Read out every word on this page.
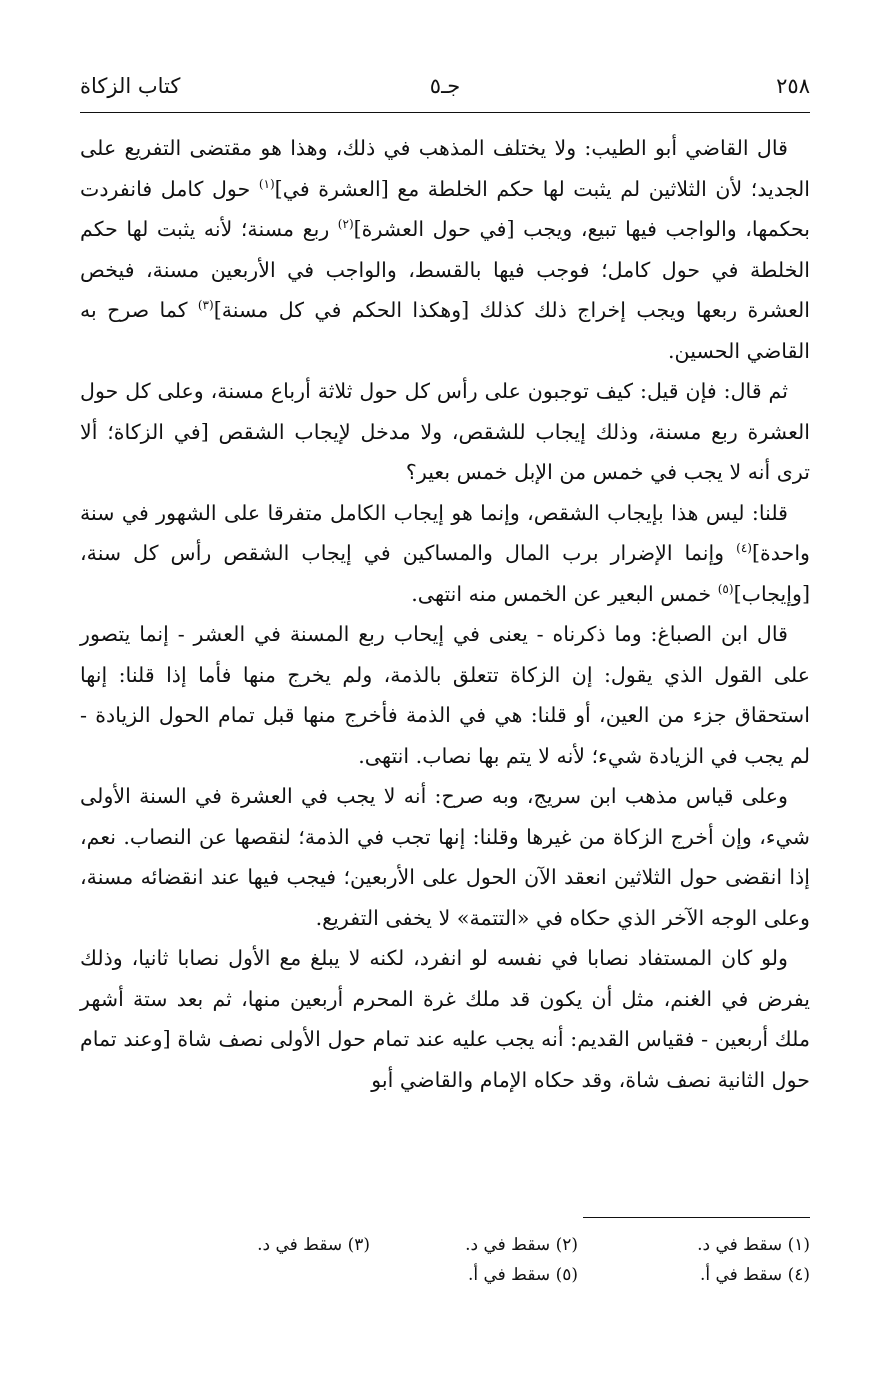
٢٥٨
جـ٥
كتاب الزكاة

قال القاضي أبو الطيب: ولا يختلف المذهب في ذلك، وهذا هو مقتضى التفريع على الجديد؛ لأن الثلاثين لم يثبت لها حكم الخلطة مع [العشرة في]$^{(١)}$ حول كامل فانفردت بحكمها، والواجب فيها تبيع، ويجب [في حول العشرة]$^{(٢)}$ ربع مسنة؛ لأنه يثبت لها حكم الخلطة في حول كامل؛ فوجب فيها بالقسط، والواجب في الأربعين مسنة، فيخص العشرة ربعها ويجب إخراج ذلك كذلك [وهكذا الحكم في كل مسنة]$^{(٣)}$ كما صرح به القاضي الحسين.

ثم قال: فإن قيل: كيف توجبون على رأس كل حول ثلاثة أرباع مسنة، وعلى كل حول العشرة ربع مسنة، وذلك إيجاب للشقص، ولا مدخل لإيجاب الشقص [في الزكاة؛ ألا ترى أنه لا يجب في خمس من الإبل خمس بعير؟

قلنا: ليس هذا بإيجاب الشقص، وإنما هو إيجاب الكامل متفرقا على الشهور في سنة واحدة]$^{(٤)}$ وإنما الإضرار برب المال والمساكين في إيجاب الشقص رأس كل سنة، [وإيجاب]$^{(٥)}$ خمس البعير عن الخمس منه انتهى.

قال ابن الصباغ: وما ذكرناه - يعنى في إيحاب ربع المسنة في العشر - إنما يتصور على القول الذي يقول: إن الزكاة تتعلق بالذمة، ولم يخرج منها فأما إذا قلنا: إنها استحقاق جزء من العين، أو قلنا: هي في الذمة فأخرج منها قبل تمام الحول الزيادة - لم يجب في الزيادة شيء؛ لأنه لا يتم بها نصاب. انتهى.

وعلى قياس مذهب ابن سريج، وبه صرح: أنه لا يجب في العشرة في السنة الأولى شيء، وإن أخرج الزكاة من غيرها وقلنا: إنها تجب في الذمة؛ لنقصها عن النصاب. نعم، إذا انقضى حول الثلاثين انعقد الآن الحول على الأربعين؛ فيجب فيها عند انقضائه مسنة، وعلى الوجه الآخر الذي حكاه في «التتمة» لا يخفى التفريع.

ولو كان المستفاد نصابا في نفسه لو انفرد، لكنه لا يبلغ مع الأول نصابا ثانيا، وذلك يفرض في الغنم، مثل أن يكون قد ملك غرة المحرم أربعين منها، ثم بعد ستة أشهر ملك أربعين - فقياس القديم: أنه يجب عليه عند تمام حول الأولى نصف شاة [وعند تمام حول الثانية نصف شاة، وقد حكاه الإمام والقاضي أبو

(١) سقط في د.
(٢) سقط في د.
(٣) سقط في د.
(٤) سقط في أ.
(٥) سقط في أ.
